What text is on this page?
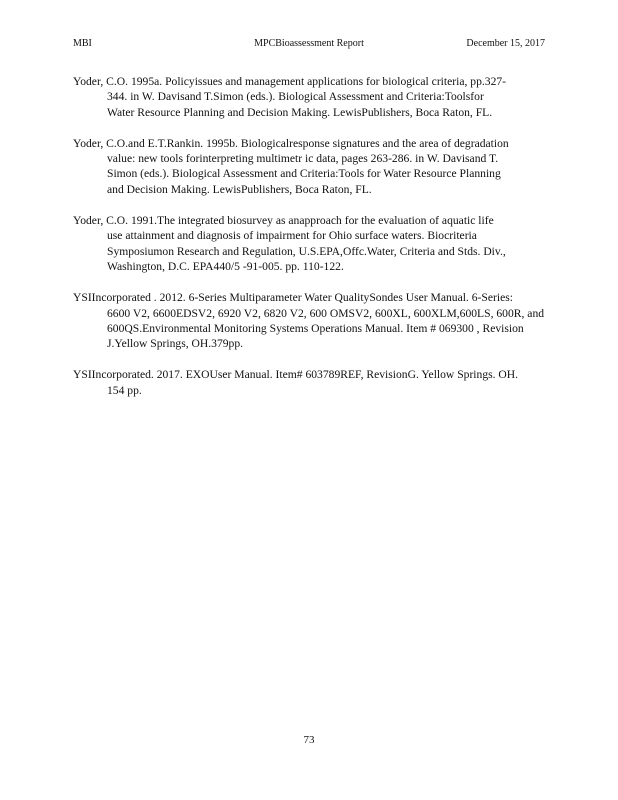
MPCBioassessment Report
MBI	December 15, 2017

Yoder, C.O. 1995a. Policyissues and management applications for biological criteria, pp.327-
344. in W. Davisand T.Simon (eds.). Biological Assessment and Criteria:Toolsfor
Water Resource Planning and Decision Making. LewisPublishers, Boca Raton, FL.

Yoder, C.O.and E.T.Rankin. 1995b. Biologicalresponse signatures and the area of degradation
value: new tools forinterpreting multimetr ic data, pages 263-286. in W. Davisand T.
Simon (eds.). Biological Assessment and Criteria:Tools for Water Resource Planning
and Decision Making. LewisPublishers, Boca Raton, FL.

Yoder, C.O. 1991.The integrated biosurvey as anapproach for the evaluation of aquatic life
use attainment and diagnosis of impairment for Ohio surface waters. Biocriteria
Symposiumon Research and Regulation, U.S.EPA,Offc.Water, Criteria and Stds. Div.,
Washington, D.C. EPA440/5 -91-005. pp. 110-122.

YSIIncorporated . 2012. 6-Series Multiparameter Water QualitySondes User Manual. 6-Series:
6600 V2, 6600EDSV2, 6920 V2, 6820 V2, 600 OMSV2, 600XL, 600XLM,600LS, 600R, and
600QS.Environmental Monitoring Systems Operations Manual. Item # 069300 , Revision
J.Yellow Springs, OH.379pp.

YSIIncorporated. 2017. EXOUser Manual. Item# 603789REF, RevisionG. Yellow Springs. OH.
154 pp.

73
